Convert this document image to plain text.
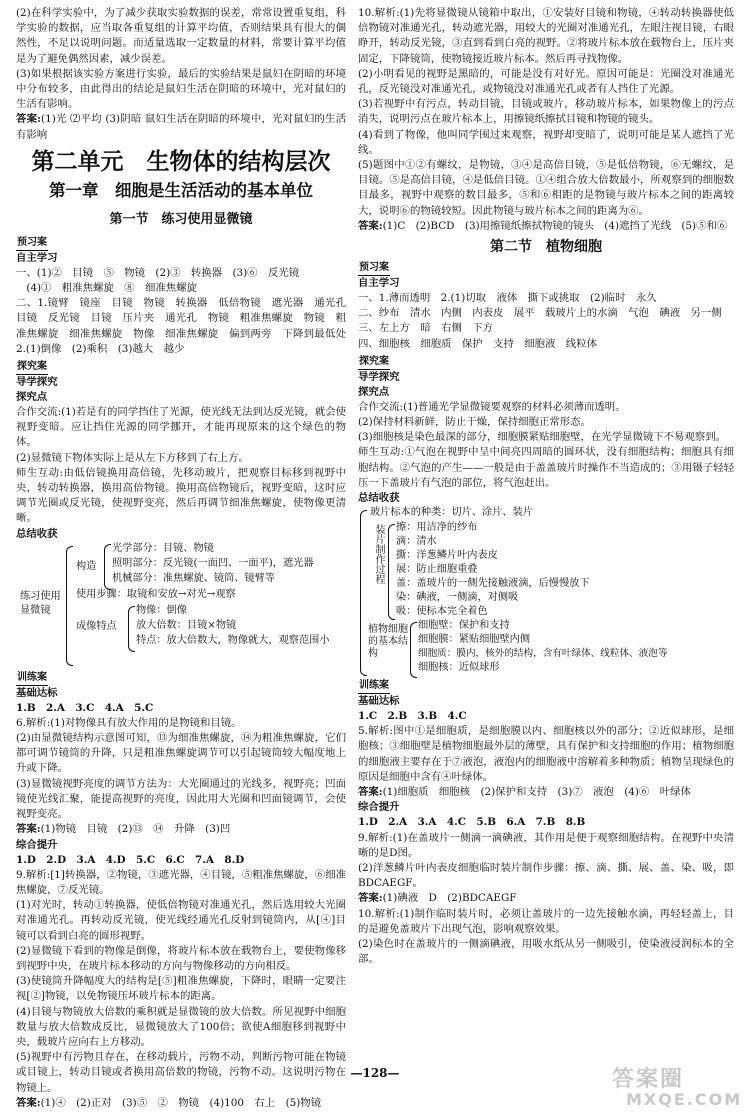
(2)在科学实验中，为了减少获取实验数据的误差，常常设置重复组，科学实验的数据，应当取各重复组的计算平均值，否则结果具有很大的偶然性，不足以说明问题。而适量选取一定数量的材料，常要计算平均值是为了避免偶然因素，减少误差。

(3)如果根据该实验方案进行实验，最后的实验结果是鼠妇在阴暗的环境中分布较多，由此得出的结论是鼠妇生活在阴暗的环境中，光对鼠妇的生活有影响。

答案:(1)光 ⑵平均 (3)阴暗 鼠妇生活在阴暗的环境中，光对鼠妇的生活有影响

第二单元　生物体的结构层次
第一章　细胞是生活活动的基本单位
第一节　练习使用显微镜

预习案

自主学习

一、(1)②　目镜　⑤　物镜　(2)③　转换器　(3)⑥　反光镜

　(4)①　粗准焦螺旋　⑧　细准焦螺旋

二、1.镜臂　镜座　目镜　物镜　转换器　低倍物镜　遮光器　通光孔　目镜　反光镜　目镜　压片夹　通光孔　物镜　粗准焦螺旋　物镜　粗准焦螺旋　细准焦螺旋　物像　细准焦螺旋　偏到两旁　下降到最低处　2.(1)倒像　(2)乘积　(3)越大　越少

探究案

导学探究

探究点

合作交流:(1)若是有的同学挡住了光源，使光线无法到达反光镜，就会使视野变暗。应让挡住光源的同学挪开，才能再现原来的这个绿色的物体。

(2)显微镜下物体实际上是从左下方移到了右上方。

师生互动:由低倍镜换用高倍镜，先移动玻片，把观察目标移到视野中央，转动转换器，换用高倍物镜。换用高倍物镜后，视野变暗，这时应调节光圈或反光镜，使视野变亮，然后再调节细准焦螺旋，使物像更清晰。

总结收获

练习使用显微镜
构造
光学部分：目镜、物镜
照明部分：反光镜(一面凹、一面平)，遮光器
机械部分：准焦螺旋、镜筒、镜臂等
使用步骤：取镜和安放→对光→观察
成像特点
物像：倒像
放大倍数：目镜×物镜
特点：放大倍数大，物像就大，观察范围小

训练案

基础达标

1.B　2.A　3.C　4.A　5.C

6.解析:(1)对物像具有放大作用的是物镜和目镜。

(2)由显微镜结构示意图可知，⑬为细准焦螺旋，⑭为粗准焦螺旋，它们都可调节镜筒的升降，只是粗准焦螺旋调节可以引起镜筒较大幅度地上升或下降。

(3)显微镜视野亮度的调节方法为：大光圈通过的光线多，视野亮；凹面镜使光线汇聚，能提高视野的亮度，因此用大光圈和凹面镜调节，会使视野变亮。

答案:(1)物镜　目镜　(2)⑬　⑭　升降　(3)凹

综合提升

1.D　2.D　3.A　4.D　5.C　6.C　7.A　8.D

9.解析:[1]转换器，②物镜，③遮光器，④目镜，⑤粗准焦螺旋，⑥细准焦螺旋，⑦反光镜。

(1)对光时，转动①转换器，使低倍物镜对准通光孔，然后选用较大光圈对准通光孔。再转动反光镜，使光线经通光孔反射到镜筒内，从[④]目镜可以看到白亮的圆形视野。

(2)显微镜下看到的物像是倒像，将玻片标本放在载物台上，要使物像移到视野中央，在玻片标本移动的方向与物像移动的方向相反。

(3)使镜筒升降幅度大的结构是[⑤]粗准焦螺旋，下降时，眼睛一定要注视[②]物镜，以免物镜压坏玻片标本的距离。

(4)目镜与物镜放大倍数的乘积就是显微镜的放大倍数。所见视野中细胞数量与放大倍数成反比，显微镜放大了100倍；欲使A细胞移到视野中央，载玻片应向右上方移动。

(5)视野中有污物且存在，在移动载片，污物不动，判断污物可能在物镜或目镜上，转动目镜或者换用高倍数的物镜，污物不动。这说明污物在物镜上。

答案:(1)④　(2)正对　(3)⑤　②　物镜　(4)100　右上　(5)物镜

10.解析:(1)先将显微镜从镜箱中取出，①安装好目镜和物镜，④转动转换器使低倍物镜对准通光孔，转动遮光器，用较大的光圈对准通光孔，左眼注视目镜，右眼睁开，转动反光镜，③直到看到白亮的视野。②将玻片标本放在载物台上，压片夹固定，下降镜筒，使物镜接近玻片标本。然后再寻找物像。

(2)小明看见的视野是黑暗的，可能是没有对好光。原因可能是：光圈没对准通光孔，反光镜没对准通光孔，或物镜没对准通光孔或者有人挡住了光源。

(3)若视野中有污点，转动目镜，目镜或玻片，移动玻片标本，如果物像上的污点消失，说明污点在玻片标本上，用擦镜纸擦拭目镜和物镜的镜头。

(4)看到了物像，他叫同学围过来观察，视野却变暗了，说明可能是某人遮挡了光线。

(5)题图中①②有螺纹，是物镜，③④是高倍目镜，⑤是低倍物镜，⑥无螺纹，是目镜。⑤是高倍目镜，④是低倍目镜。①④组合放大倍数最小，所观察到的细胞数目最多，视野中观察的数目最多，⑤和⑥相距的是物镜与玻片标本之间的距离较大，说明⑥的物镜较短。因此物镜与玻片标本之间的距离为⑥。

答案:(1)C　(2)BCD　(3)用擦镜纸擦拭物镜的镜头　(4)遮挡了光线　(5)⑤和⑥

第二节　植物细胞

预习案

自主学习

一、1.薄而透明　2.(1)切取　液体　撕下或挑取　(2)临时　永久

二、纱布　清水　内侧　内表皮　展平　载玻片上的水滴　气泡　碘液　另一侧

三、左上方　暗　右侧　下方

四、细胞核　细胞质　保护　支持　细胞液　线粒体

探究案

导学探究

探究点

合作交流:(1)普通光学显微镜要观察的材料必须薄而透明。

(2)保持材料新鲜，防止干燥，保持细胞正常形态。

(3)细胞核是染色最深的部分，细胞膜紧贴细胞壁，在光学显微镜下不易观察到。

师生互动:①气泡在视野中呈中间亮四周暗的圆环状，没有细胞结构；细胞具有细胞结构。②气泡的产生——一般是由于盖盖玻片时操作不当造成的；③用镊子轻轻压一下盖玻片有气泡的部位，将气泡赶出。

总结收获

玻片标本的种类：切片、涂片、装片
装片制作过程 擦：用洁净的纱布
滴：清水
撕：洋葱鳞片叶内表皮
展：防止细胞重叠
盖：盖玻片的一侧先接触液滴，后慢慢放下
染：碘液，一侧滴，对侧吸
吸：使标本完全着色
植物细胞的基本结构
细胞壁：保护和支持
细胞膜：紧贴细胞壁内侧
细胞质：膜内，核外的结构，含有叶绿体、线粒体、液泡等
细胞核：近似球形

训练案

基础达标

1.C　2.B　3.B　4.C

5.解析:图中①是细胞质，是细胞膜以内、细胞核以外的部分；②近似球形，是细胞核；③细胞壁是植物细胞最外层的薄壁，具有保护和支持细胞的作用；植物细胞的细胞液主要存在于⑦液泡，液泡内的细胞液中溶解着多种物质；植物呈现绿色的原因是细胞中含有④叶绿体。

答案:(1)细胞质　细胞核　(2)保护和支持　(3)⑦　液泡　(4)⑥　叶绿体

综合提升

1.D　2.A　3.A　4.C　5.B　6.A　7.B　8.B

9.解析:(1)在盖玻片一侧滴一滴碘液，其作用是便于观察细胞结构。在视野中央清晰的是D图。

(2)洋葱鳞片叶内表皮细胞临时装片制作步骤：擦、滴、撕、展、盖、染、吸，即 BDCAEGF。

答案:(1)碘液　D　(2)BDCAEGF

10.解析:(1)制作临时装片时，必须让盖玻片的一边先接触水滴，再轻轻盖上，目的是避免盖玻片下出现气泡，影响观察效果。

(2)染色时在盖玻片的一侧滴碘液，用吸水纸从另一侧吸引，使染液浸润标本的全部。

—128—	答案圈
MXQE.COM
